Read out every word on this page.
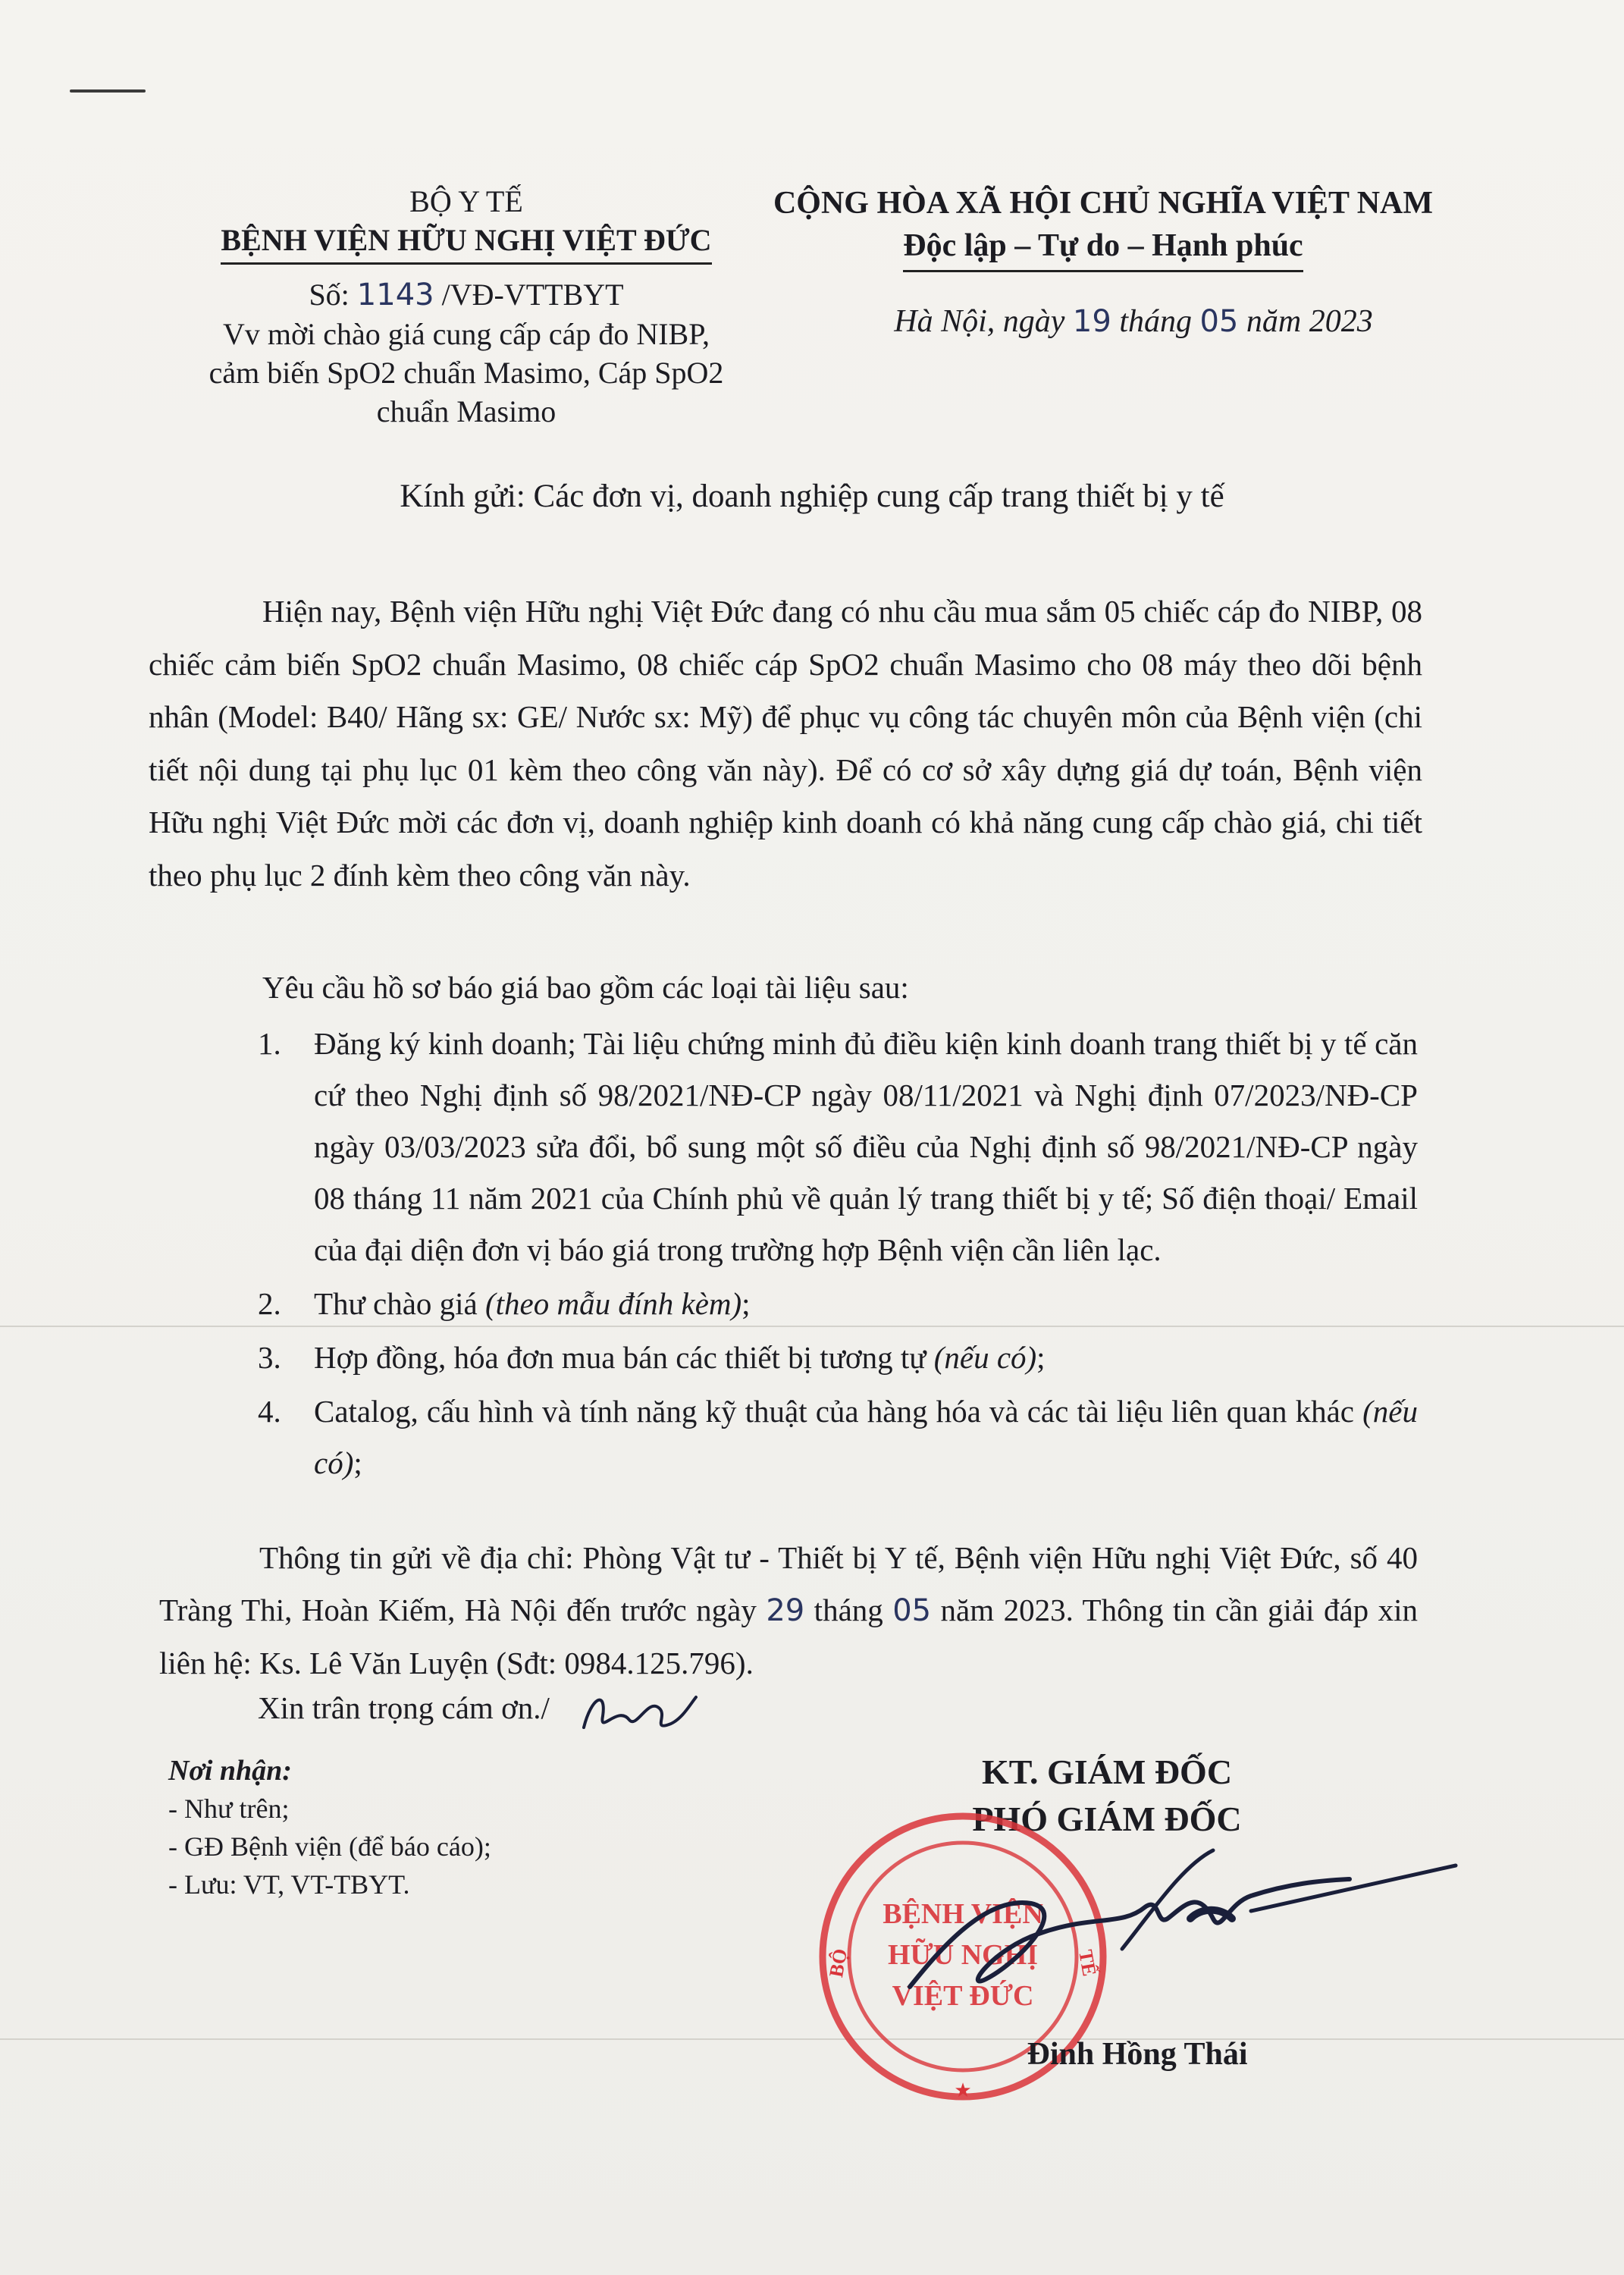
BỘ Y TẾ
BỆNH VIỆN HỮU NGHỊ VIỆT ĐỨC
Số: 1143 /VĐ-VTTBYT
Vv mời chào giá cung cấp cáp đo NIBP,
cảm biến SpO2 chuẩn Masimo, Cáp SpO2
chuẩn Masimo
CỘNG HÒA XÃ HỘI CHỦ NGHĨA VIỆT NAM
Độc lập – Tự do – Hạnh phúc
Hà Nội, ngày 19 tháng 05 năm 2023
Kính gửi: Các đơn vị, doanh nghiệp cung cấp trang thiết bị y tế

Hiện nay, Bệnh viện Hữu nghị Việt Đức đang có nhu cầu mua sắm 05 chiếc cáp đo NIBP, 08 chiếc cảm biến SpO2 chuẩn Masimo, 08 chiếc cáp SpO2 chuẩn Masimo cho 08 máy theo dõi bệnh nhân (Model: B40/ Hãng sx: GE/ Nước sx: Mỹ) để phục vụ công tác chuyên môn của Bệnh viện (chi tiết nội dung tại phụ lục 01 kèm theo công văn này). Để có cơ sở xây dựng giá dự toán, Bệnh viện Hữu nghị Việt Đức mời các đơn vị, doanh nghiệp kinh doanh có khả năng cung cấp chào giá, chi tiết theo phụ lục 2 đính kèm theo công văn này.

Yêu cầu hồ sơ báo giá bao gồm các loại tài liệu sau:
1. Đăng ký kinh doanh; Tài liệu chứng minh đủ điều kiện kinh doanh trang thiết bị y tế căn cứ theo Nghị định số 98/2021/NĐ-CP ngày 08/11/2021 và Nghị định 07/2023/NĐ-CP ngày 03/03/2023 sửa đổi, bổ sung một số điều của Nghị định số 98/2021/NĐ-CP ngày 08 tháng 11 năm 2021 của Chính phủ về quản lý trang thiết bị y tế; Số điện thoại/ Email của đại diện đơn vị báo giá trong trường hợp Bệnh viện cần liên lạc.
2. Thư chào giá (theo mẫu đính kèm);
3. Hợp đồng, hóa đơn mua bán các thiết bị tương tự (nếu có);
4. Catalog, cấu hình và tính năng kỹ thuật của hàng hóa và các tài liệu liên quan khác (nếu có);

Thông tin gửi về địa chỉ: Phòng Vật tư - Thiết bị Y tế, Bệnh viện Hữu nghị Việt Đức, số 40 Tràng Thi, Hoàn Kiếm, Hà Nội đến trước ngày 29 tháng 05 năm 2023. Thông tin cần giải đáp xin liên hệ: Ks. Lê Văn Luyện (Sđt: 0984.125.796).

Xin trân trọng cám ơn./
Nơi nhận:
- Như trên;
- GĐ Bệnh viện (để báo cáo);
- Lưu: VT, VT-TBYT.
KT. GIÁM ĐỐC
PHÓ GIÁM ĐỐC
BỆNH VIỆN
HỮU NGHỊ
VIỆT ĐỨC
BỘ	TẾ
★
Đinh Hồng Thái
